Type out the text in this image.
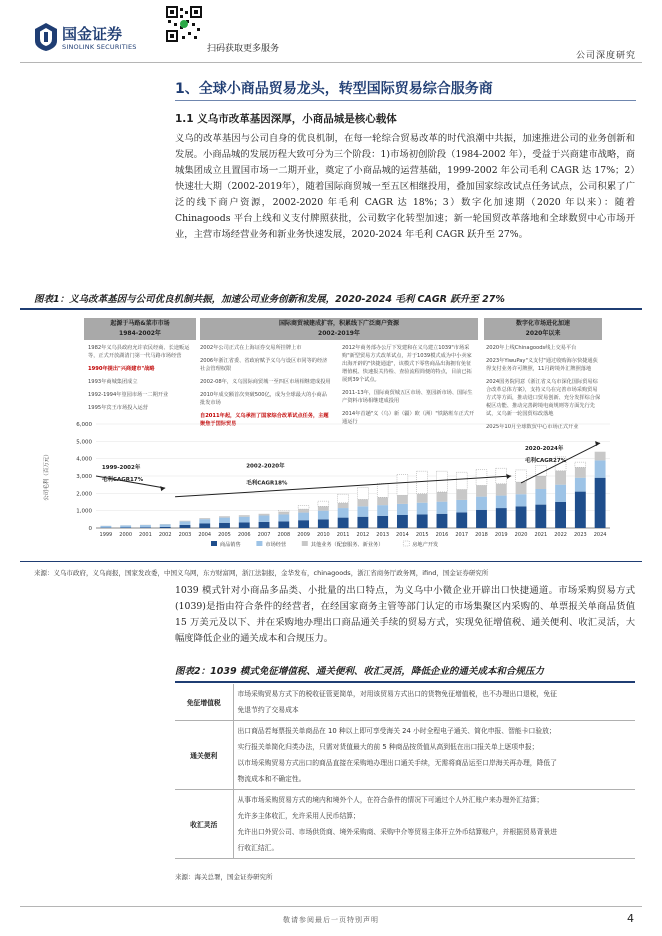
国金证券
SINOLINK SECURITIES	扫码获取更多服务
公司深度研究
1、全球小商品贸易龙头，转型国际贸易综合服务商
1.1 义乌市改革基因深厚，小商品城是核心载体
义乌的改革基因与公司自身的优良机制，在每一轮综合贸易改革的时代浪潮中共振，加速推进公司的业务创新和发展。小商品城的发展历程大致可分为三个阶段：1)市场初创阶段（1984-2002 年），受益于兴商建市战略，商城集团成立且置国市场一二期开业，奠定了小商品城的运营基础，1999-2002 年公司毛利 CAGR 达 17%；2）快速壮大期（2002-2019年），随着国际商贸城一至五区相继投用，叠加国家综改试点任务试点，公司积累了广泛的线下商户资源，2002-2020 年毛利 CAGR 达 18%；3）数字化加速期（2020 年以来）：随着 Chinagoods 平台上线和义支付牌照获批，公司数字化转型加速；新一轮国贸改革落地和全球数贸中心市场开业，主营市场经营业务和新业务快速发展，2020-2024 年毛利 CAGR 跃升至 27%。
图表1：义乌改革基因与公司优良机制共振，加速公司业务创新和发展，2020-2024 毛利 CAGR 跃升至 27%
起源于马路&菜市市场
1984-2002年
国际商贸城建成扩容，积累线下广泛商户资源
2002-2019年
数字化市场进化加速
2020年以来
1982年义乌县政府允许农民经商、长途贩运等，正式开放湖清门第一代马路市场经营
1990年提出"兴商建市"战略
1993年商城集团成立
1992-1994年篁园市场一二期开业
1995年宾王市场投入运营
2002年公司正式在上海证券交易所挂牌上市
2006年浙江省委、省政府赋予义乌与设区市同等的经济社会管理权限
2002-08年，义乌国际商贸城一至四区市场相继建成投用
2010年成交额首次突破500亿，成为全球最大的小商品批发市场
自2011年起，义乌承担了国家综合改革试点任务，主题聚焦于国际贸易
2012年商务部办公厅下发建和在义乌建立1039"市场采购"新型贸易方式改革试点，并于1039模式成为中小卖家出海开辟的"快捷通道"，该模式下零售商品出海拥有免征增值税、快速报关待检、查验流程简便的特点，目前已拓展到39个试点。
2011-13年，国际商贸城五区市场、篁园新市场、国际生产资料市场相继建成投用
2014年首趟"义（乌）新（疆）欧（洲）"铁路班车正式开通运行
2020年上线Chinagoods线上交易平台
2023年YiwuPay"义支付"通过收购海尔快捷通获得支付业务许可牌照，11月跨境外汇牌照落地
2024国务院同意《浙江省义乌市深化国际贸易综合改革总体方案》，支持义乌在完善市场采购贸易方式等方面，推动进口贸易创新、充分发挥综合保税区功能、推动完善跨境电商规则等方面先行先试，义乌新一轮国贸综改落地
2025年10月全球数贸中心市场正式开业
公司毛利（百万元）
6,000
5,000
4,000
3,000
2,000
1,000
0
1999 2000 2001 2002 2003 2004 2005 2006 2007 2008 2009 2010 2011 2012 2013 2014 2015 2016 2017 2018 2019 2020 2021 2022 2023 2024
1999-2002年
毛利CAGR17%
2002-2020年
毛利CAGR18%
2020-2024年
毛利CAGR27%
商品销售	市场经营	其他业务（配套服务、新业务）	房地产开发
来源：义乌市政府，义乌商报，国家发改委，中国义乌网，东方财富网，浙江法制报，金华发布，chinagoods，浙江省商务厅政务网，ifind，国金证券研究所
1039 模式针对小商品多品类、小批量的出口特点，为义乌中小微企业开辟出口快捷通道。市场采购贸易方式(1039)是指由符合条件的经营者，在经国家商务主管等部门认定的市场集聚区内采购的、单票报关单商品货值 15 万美元及以下、并在采购地办理出口商品通关手续的贸易方式，实现免征增值税、通关便利、收汇灵活，大幅度降低企业的通关成本和合规压力。
图表2：1039 模式免征增值税、通关便利、收汇灵活，降低企业的通关成本和合规压力
免征增值税	市场采购贸易方式下的税收征管更简单，对用该贸易方式出口的货物免征增值税，也不办理出口退税，免征
免退节约了交易成本

通关便利	出口商品若每票报关单商品在 10 种以上即可享受海关 24 小时全程电子通关、简化申报、智能卡口验放；
实行报关单简化归类办法，只需对货值最大的前 5 种商品按货值从高到低在出口报关单上逐项申报；
以市场采购贸易方式出口的商品直接在采购地办理出口通关手续，无需将商品运至口岸海关再办理，降低了
物流成本和不确定性。

收汇灵活	从事市场采购贸易方式的境内和境外个人，在符合条件的情况下可通过个人外汇账户来办理外汇结算；
允许多主体收汇，允许采用人民币结算；
允许出口外贸公司、市场供货商、境外采购商、采购中介等贸易主体开立外币结算账户，并根据贸易背景进
行收汇结汇。
来源：海关总署，国金证券研究所
敬请参阅最后一页特别声明	4
